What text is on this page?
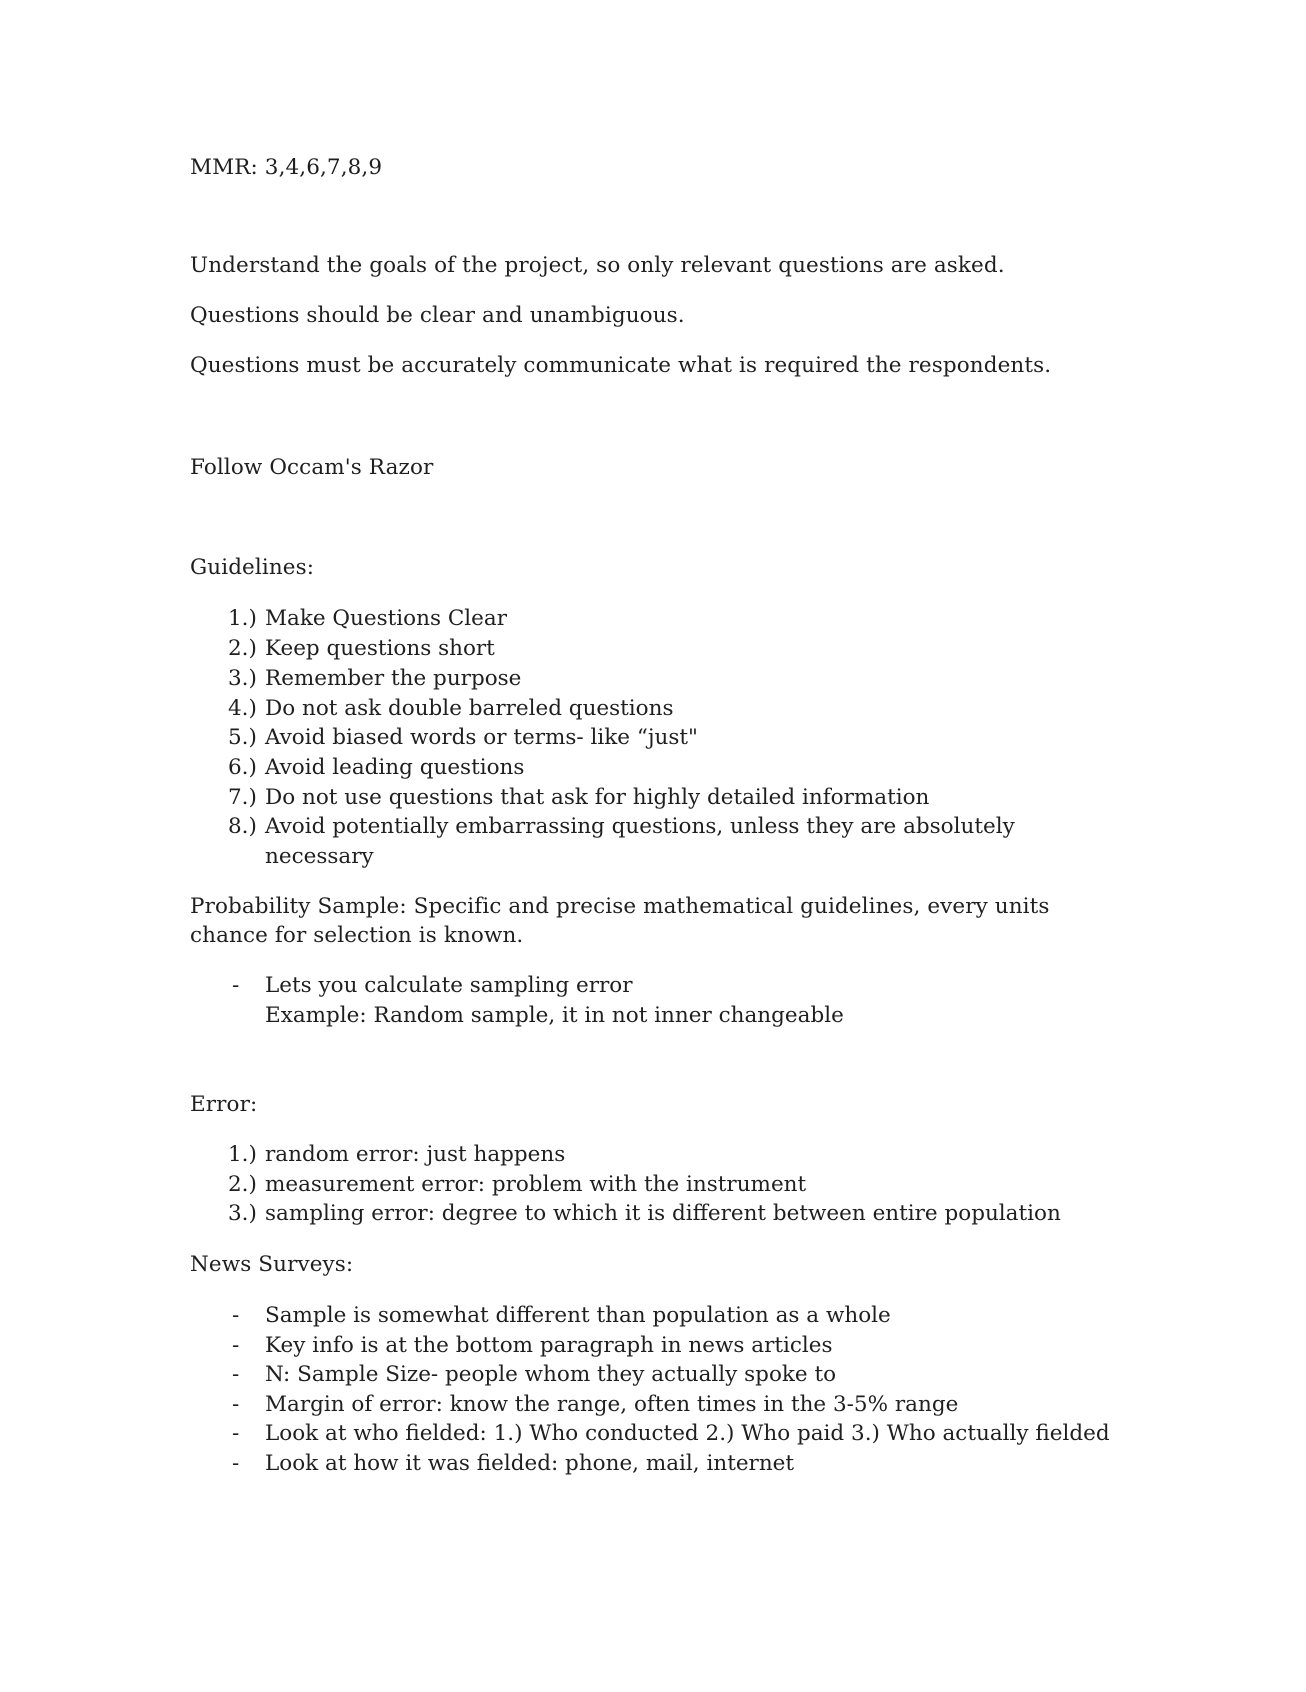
MMR: 3,4,6,7,8,9
Understand the goals of the project, so only relevant questions are asked.
Questions should be clear and unambiguous.
Questions must be accurately communicate what is required the respondents.
Follow Occam's Razor
Guidelines:
1.) Make Questions Clear
2.) Keep questions short
3.) Remember the purpose
4.) Do not ask double barreled questions
5.) Avoid biased words or terms- like “just"
6.) Avoid leading questions
7.) Do not use questions that ask for highly detailed information
8.) Avoid potentially embarrassing questions, unless they are absolutely
necessary
Probability Sample: Specific and precise mathematical guidelines, every units
chance for selection is known.
- Lets you calculate sampling error
Example: Random sample, it in not inner changeable
Error:
1.) random error: just happens
2.) measurement error: problem with the instrument
3.) sampling error: degree to which it is different between entire population
News Surveys:
- Sample is somewhat different than population as a whole
- Key info is at the bottom paragraph in news articles
- N: Sample Size- people whom they actually spoke to
- Margin of error: know the range, often times in the 3-5% range
- Look at who fielded: 1.) Who conducted 2.) Who paid 3.) Who actually fielded
- Look at how it was fielded: phone, mail, internet
